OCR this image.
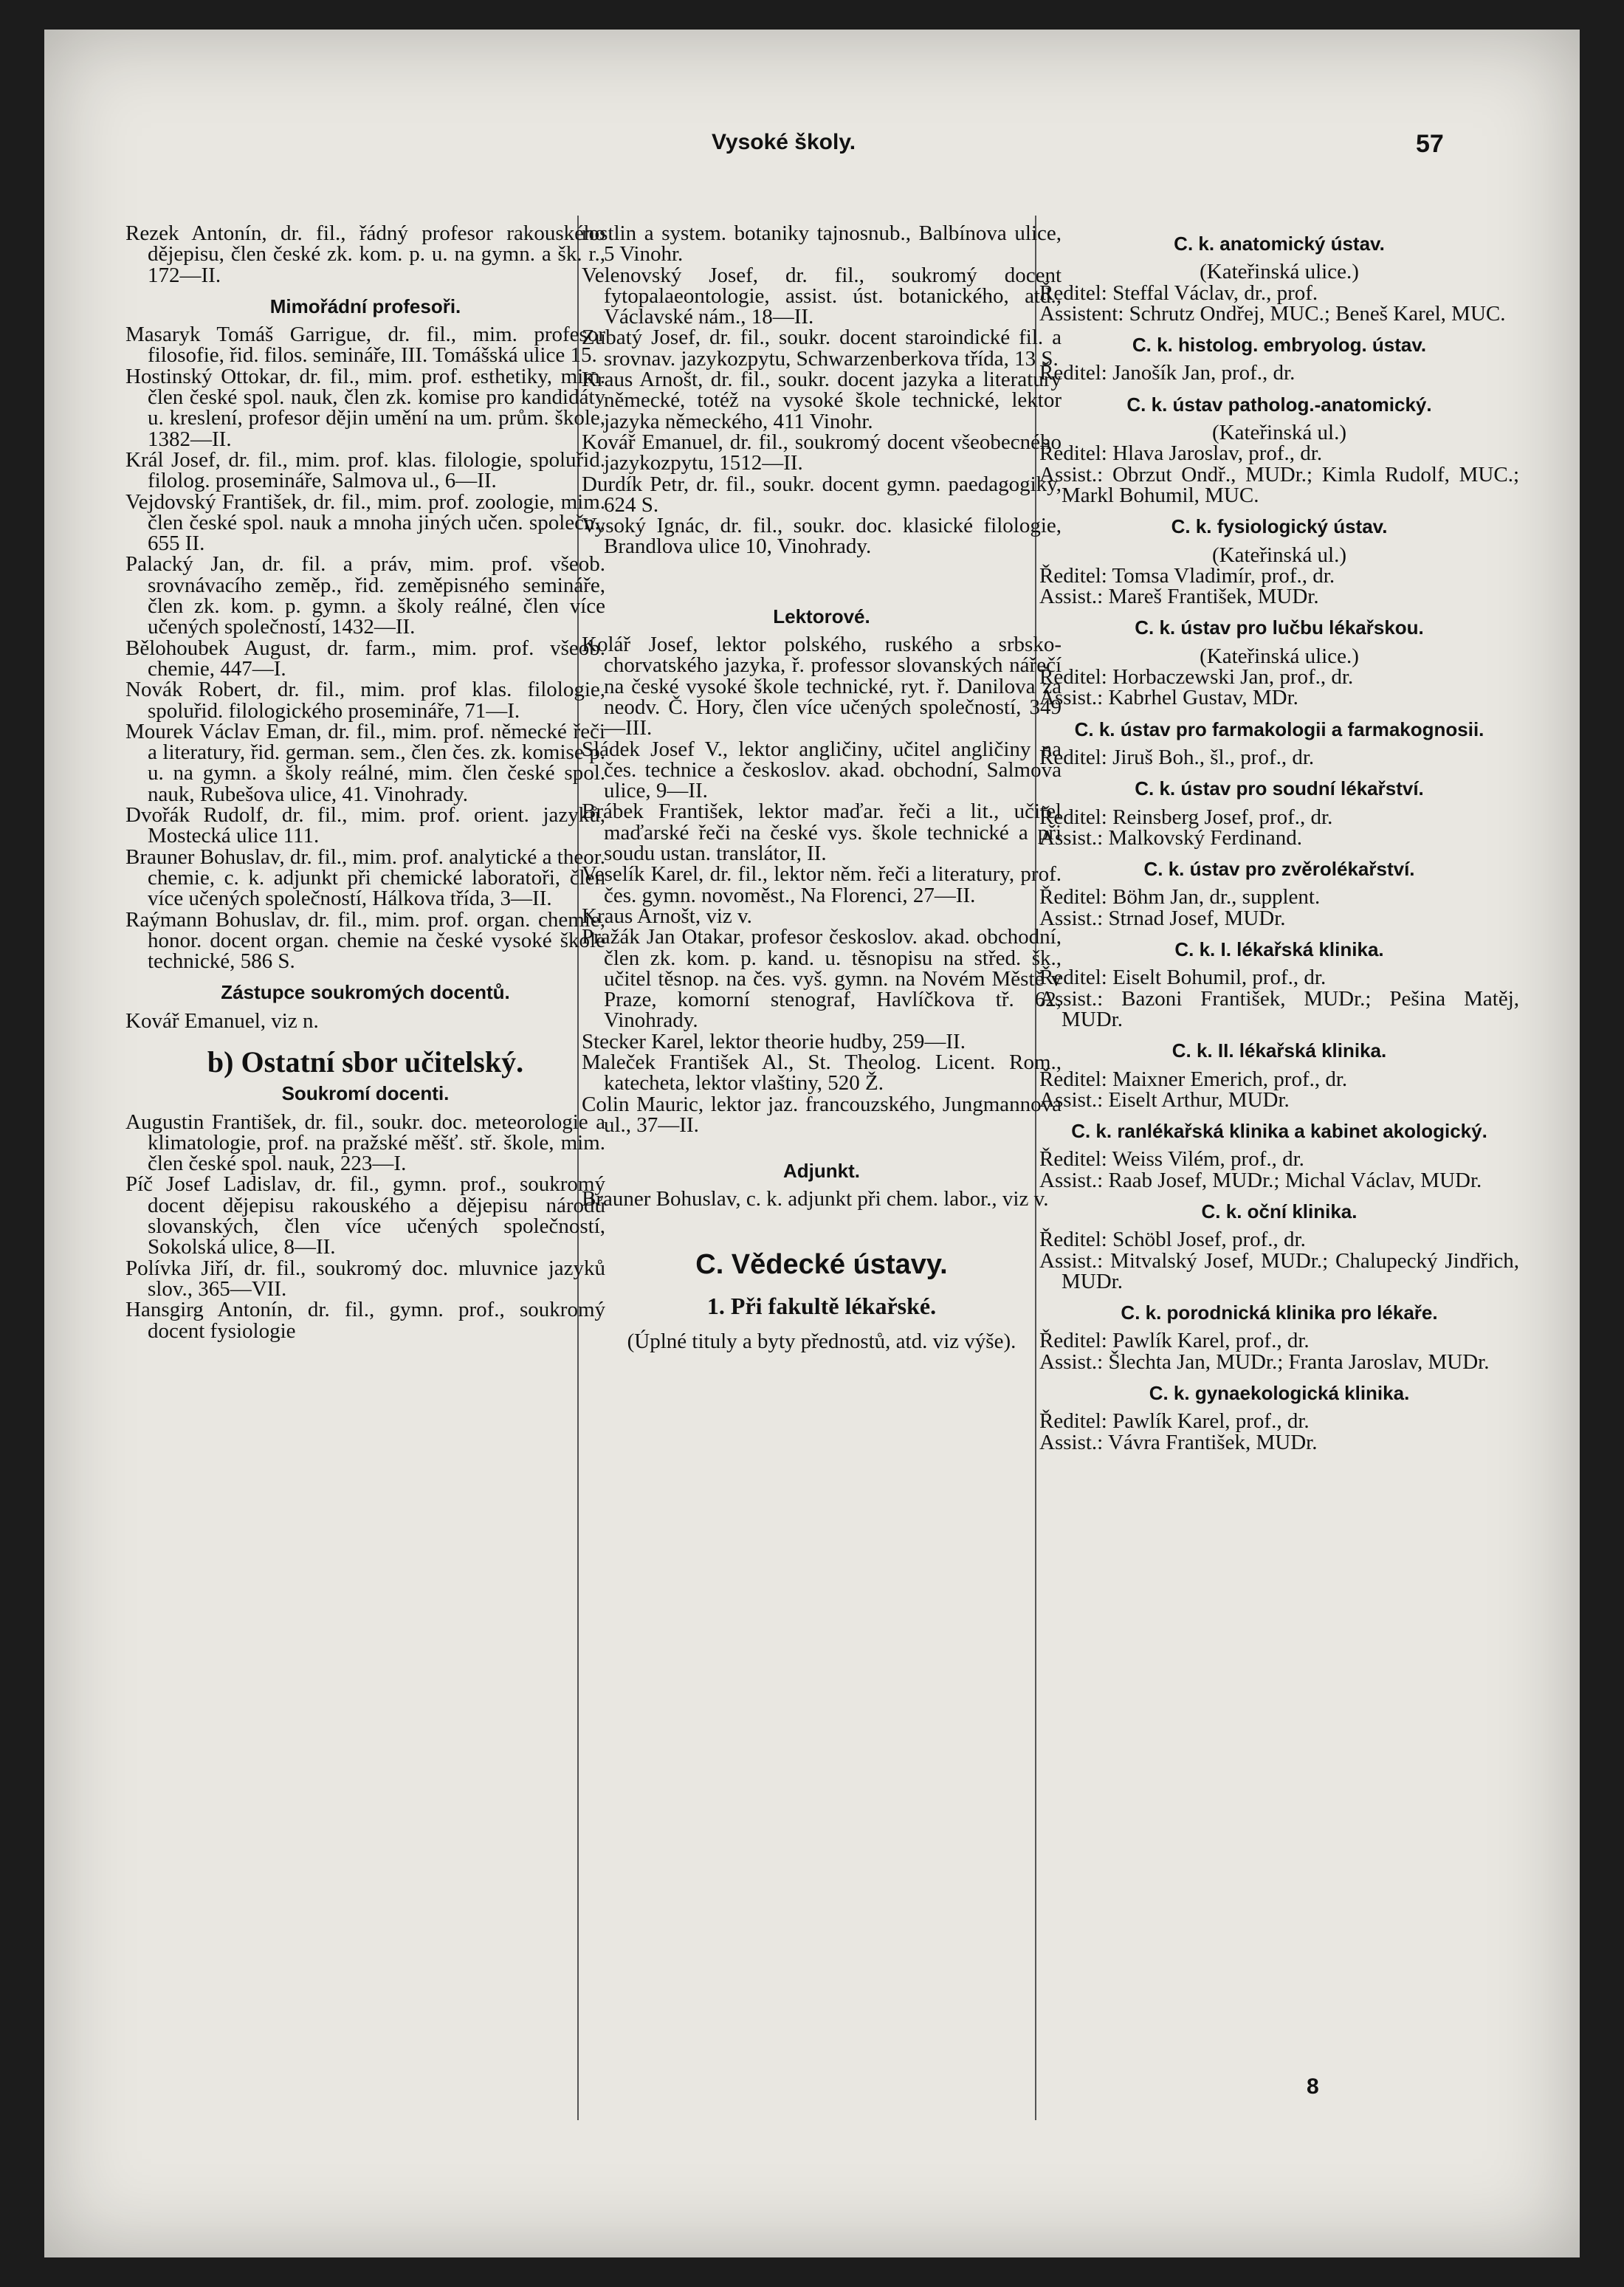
Vysoké školy.	57

Rezek Antonín, dr. fil., řádný profesor rakouského dějepisu, člen české zk. kom. p. u. na gymn. a šk. r., 172—II.

Mimořádní profesoři.

Masaryk Tomáš Garrigue, dr. fil., mim. profesor filosofie, řid. filos. semináře, III. Tomášská ulice 15.

Hostinský Ottokar, dr. fil., mim. prof. esthetiky, mim. člen české spol. nauk, člen zk. komise pro kandidáty u. kreslení, profesor dějin umění na um. prům. škole, 1382—II.

Král Josef, dr. fil., mim. prof. klas. filologie, spoluřid. filolog. prosemináře, Salmova ul., 6—II.

Vejdovský František, dr. fil., mim. prof. zoologie, mim. člen české spol. nauk a mnoha jiných učen. společn., 655 II.

Palacký Jan, dr. fil. a práv, mim. prof. všeob. srovnávacího zeměp., řid. zeměpisného semináře, člen zk. kom. p. gymn. a školy reálné, člen více učených společností, 1432—II.

Bělohoubek August, dr. farm., mim. prof. všeob. chemie, 447—I.

Novák Robert, dr. fil., mim. prof klas. filologie, spoluřid. filologického prosemináře, 71—I.

Mourek Václav Eman, dr. fil., mim. prof. německé řeči a literatury, řid. german. sem., člen čes. zk. komise p. u. na gymn. a školy reálné, mim. člen české spol. nauk, Rubešova ulice, 41. Vinohrady.

Dvořák Rudolf, dr. fil., mim. prof. orient. jazyků, Mostecká ulice 111.

Brauner Bohuslav, dr. fil., mim. prof. analytické a theor. chemie, c. k. adjunkt při chemické laboratoři, člen více učených společností, Hálkova třída, 3—II.

Raýmann Bohuslav, dr. fil., mim. prof. organ. chemie, honor. docent organ. chemie na české vysoké škole technické, 586 S.

Zástupce soukromých docentů.

Kovář Emanuel, viz n.

b) Ostatní sbor učitelský.
Soukromí docenti.

Augustin František, dr. fil., soukr. doc. meteorologie a klimatologie, prof. na pražské měšť. stř. škole, mim. člen české spol. nauk, 223—I.

Píč Josef Ladislav, dr. fil., gymn. prof., soukromý docent dějepisu rakouského a dějepisu národů slovanských, člen více učených společností, Sokolská ulice, 8—II.

Polívka Jiří, dr. fil., soukromý doc. mluvnice jazyků slov., 365—VII.

Hansgirg Antonín, dr. fil., gymn. prof., soukromý docent fysiologie

rostlin a system. botaniky tajnosnub., Balbínova ulice, 5 Vinohr.

Velenovský Josef, dr. fil., soukromý docent fytopalaeontologie, assist. úst. botanického, atd., Václavské nám., 18—II.

Zubatý Josef, dr. fil., soukr. docent staroindické fil. a srovnav. jazykozpytu, Schwarzenberkova třída, 13 S.

Kraus Arnošt, dr. fil., soukr. docent jazyka a literatury německé, totéž na vysoké škole technické, lektor jazyka německého, 411 Vinohr.

Kovář Emanuel, dr. fil., soukromý docent všeobecného jazykozpytu, 1512—II.

Durdík Petr, dr. fil., soukr. docent gymn. paedagogiky, 624 S.

Vysoký Ignác, dr. fil., soukr. doc. klasické filologie, Brandlova ulice 10, Vinohrady.

Lektorové.

Kolář Josef, lektor polského, ruského a srbsko-chorvatského jazyka, ř. professor slovanských nářečí na české vysoké škole technické, ryt. ř. Danilova za neodv. Č. Hory, člen více učených společností, 349—III.

Sládek Josef V., lektor angličiny, učitel angličiny na čes. technice a českoslov. akad. obchodní, Salmova ulice, 9—II.

Brábek František, lektor maďar. řeči a lit., učitel maďarské řeči na české vys. škole technické a při soudu ustan. translátor, II.

Veselík Karel, dr. fil., lektor něm. řeči a literatury, prof. čes. gymn. novoměst., Na Florenci, 27—II.

Kraus Arnošt, viz v.

Pražák Jan Otakar, profesor českoslov. akad. obchodní, člen zk. kom. p. kand. u. těsnopisu na střed. šk., učitel těsnop. na čes. vyš. gymn. na Novém Městě v Praze, komorní stenograf, Havlíčkova tř. 62, Vinohrady.

Stecker Karel, lektor theorie hudby, 259—II.

Maleček František Al., St. Theolog. Licent. Rom., katecheta, lektor vlaštiny, 520 Ž.

Colin Mauric, lektor jaz. francouzského, Jungmannova ul., 37—II.

Adjunkt.

Brauner Bohuslav, c. k. adjunkt při chem. labor., viz v.

C. Vědecké ústavy.
1. Při fakultě lékařské.

(Úplné tituly a byty přednostů, atd. viz výše).

C. k. anatomický ústav.

(Kateřinská ulice.)

Ředitel: Steffal Václav, dr., prof.

Assistent: Schrutz Ondřej, MUC.; Beneš Karel, MUC.

C. k. histolog. embryolog. ústav.

Ředitel: Janošík Jan, prof., dr.

C. k. ústav patholog.-anatomický.

(Kateřinská ul.)

Ředitel: Hlava Jaroslav, prof., dr.

Assist.: Obrzut Ondř., MUDr.; Kimla Rudolf, MUC.; Markl Bohumil, MUC.

C. k. fysiologický ústav.

(Kateřinská ul.)

Ředitel: Tomsa Vladimír, prof., dr.

Assist.: Mareš František, MUDr.

C. k. ústav pro lučbu lékařskou.

(Kateřinská ulice.)

Ředitel: Horbaczewski Jan, prof., dr.

Assist.: Kabrhel Gustav, MDr.

C. k. ústav pro farmakologii a farmakognosii.

Ředitel: Jiruš Boh., šl., prof., dr.

C. k. ústav pro soudní lékařství.

Ředitel: Reinsberg Josef, prof., dr.

Assist.: Malkovský Ferdinand.

C. k. ústav pro zvěrolékařství.

Ředitel: Böhm Jan, dr., supplent.

Assist.: Strnad Josef, MUDr.

C. k. I. lékařská klinika.

Ředitel: Eiselt Bohumil, prof., dr.

Assist.: Bazoni František, MUDr.; Pešina Matěj, MUDr.

C. k. II. lékařská klinika.

Ředitel: Maixner Emerich, prof., dr.

Assist.: Eiselt Arthur, MUDr.

C. k. ranlékařská klinika a kabinet akologický.

Ředitel: Weiss Vilém, prof., dr.

Assist.: Raab Josef, MUDr.; Michal Václav, MUDr.

C. k. oční klinika.

Ředitel: Schöbl Josef, prof., dr.

Assist.: Mitvalský Josef, MUDr.; Chalupecký Jindřich, MUDr.

C. k. porodnická klinika pro lékaře.

Ředitel: Pawlík Karel, prof., dr.

Assist.: Šlechta Jan, MUDr.; Franta Jaroslav, MUDr.

C. k. gynaekologická klinika.

Ředitel: Pawlík Karel, prof., dr.

Assist.: Vávra František, MUDr.

8
